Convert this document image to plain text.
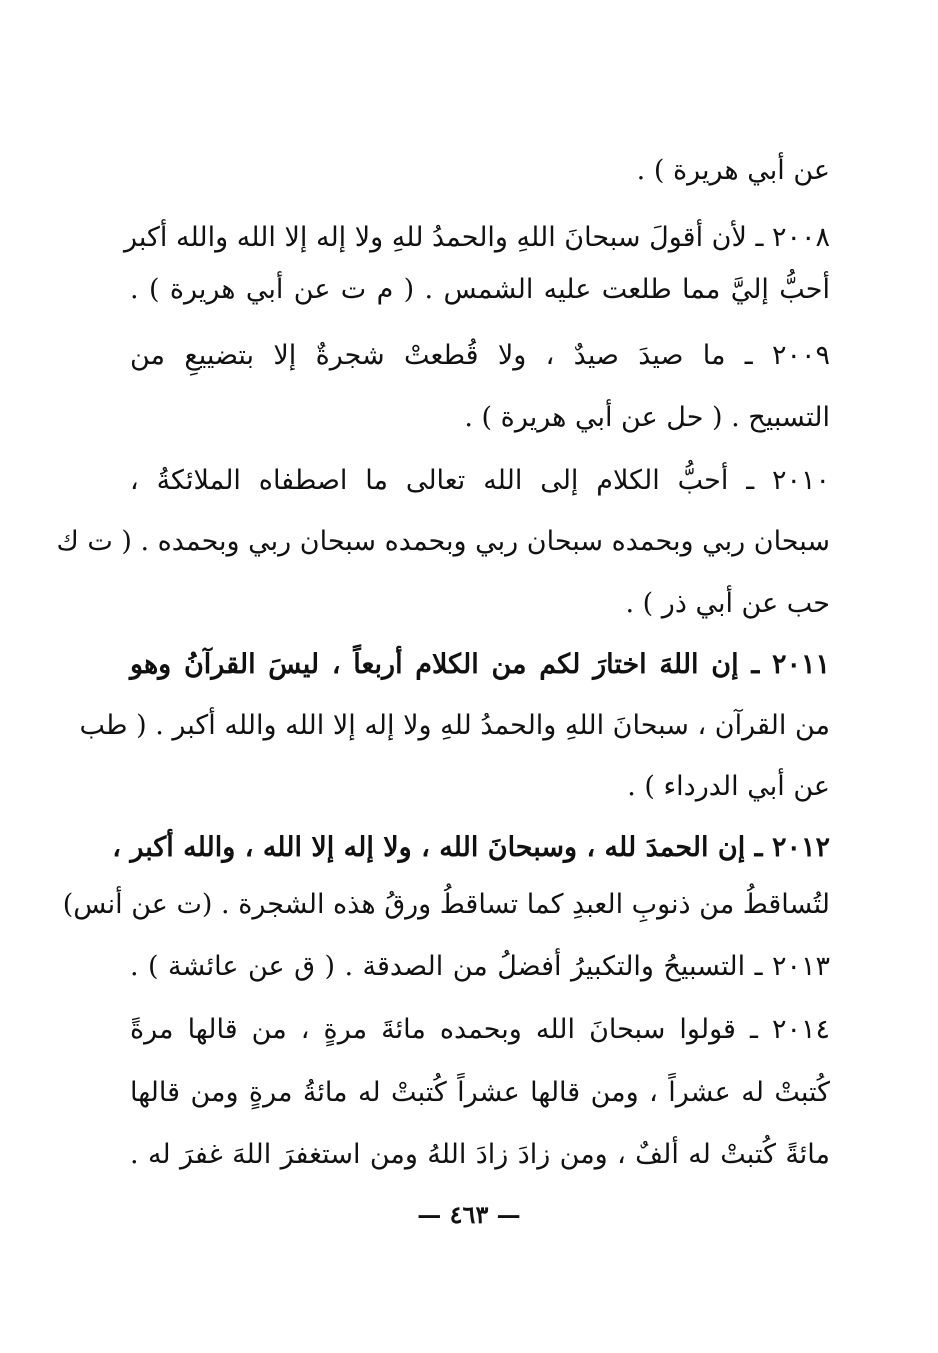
عن أبي هريرة ) .
٢٠٠٨ ـ لأن أقولَ سبحانَ اللهِ والحمدُ للهِ ولا إله إلا الله والله أكبر
أحبُّ إليَّ مما طلعت عليه الشمس . ( م ت عن أبي هريرة ) .
٢٠٠٩ ـ ما صيدَ صيدٌ ، ولا قُطعتْ شجرةٌ إلا بتضييعِ من
التسبيح . ( حل عن أبي هريرة ) .
٢٠١٠ ـ أحبُّ الكلام إلى الله تعالى ما اصطفاه الملائكةُ ،
سبحان ربي وبحمده سبحان ربي وبحمده سبحان ربي وبحمده . ( ت ك
حب عن أبي ذر ) .
٢٠١١ ـ إن اللهَ اختارَ لكم من الكلام أربعاً ، ليسَ القرآنُ وهو
من القرآن ، سبحانَ اللهِ والحمدُ للهِ ولا إله إلا الله والله أكبر . ( طب
عن أبي الدرداء ) .
٢٠١٢ ـ إن الحمدَ لله ، وسبحانَ الله ، ولا إله إلا الله ، والله أكبر ،
لتُساقطُ من ذنوبِ العبدِ كما تساقطُ ورقُ هذه الشجرة . (ت عن أنس)
٢٠١٣ ـ التسبيحُ والتكبيرُ أفضلُ من الصدقة . ( ق عن عائشة ) .
٢٠١٤ ـ قولوا سبحانَ الله وبحمده مائةَ مرةٍ ، من قالها مرةً
كُتبتْ له عشراً ، ومن قالها عشراً كُتبتْ له مائةُ مرةٍ ومن قالها
مائةً كُتبتْ له ألفٌ ، ومن زادَ زادَ اللهُ ومن استغفرَ اللهَ غفرَ له .
— ٤٦٣ —
